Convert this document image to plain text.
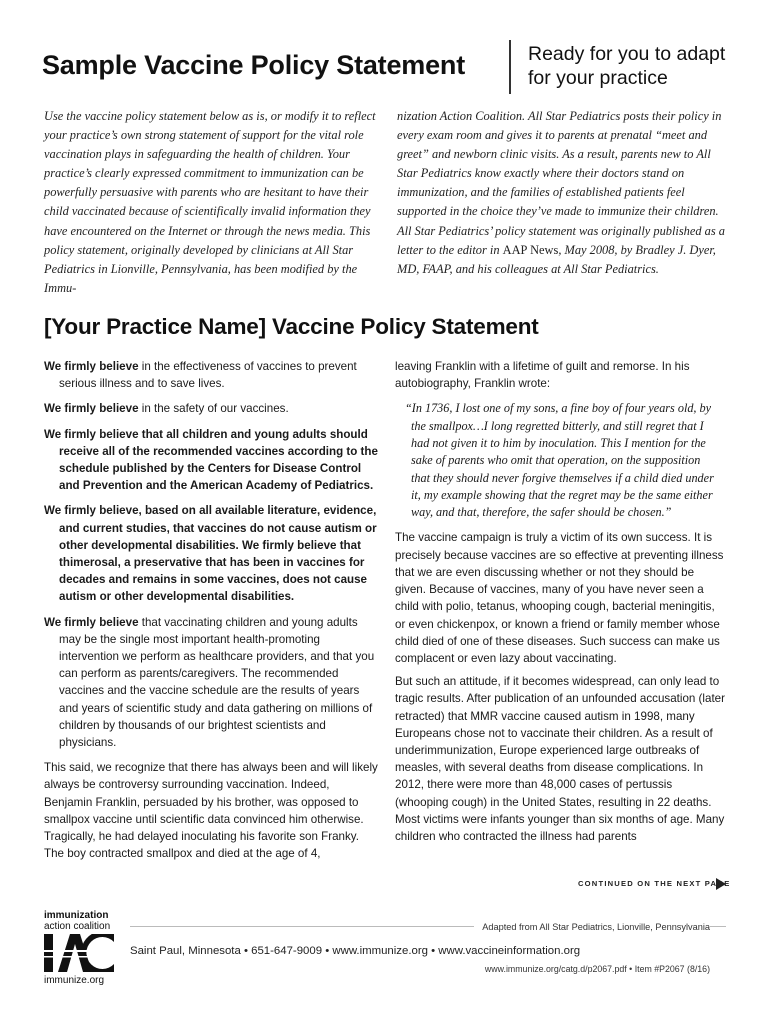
Sample Vaccine Policy Statement	Ready for you to adapt
for your practice

Use the vaccine policy statement below as is, or modify it to reflect your practice’s own strong statement of support for the vital role vaccination plays in safeguarding the health of children. Your practice’s clearly expressed commitment to immunization can be powerfully persuasive with parents who are hesitant to have their child vaccinated because of scientifically invalid information they have encountered on the Internet or through the news media. This policy statement, originally developed by clinicians at All Star Pediatrics in Lionville, Pennsylvania, has been modified by the Immu-

nization Action Coalition. All Star Pediatrics posts their policy in every exam room and gives it to parents at prenatal “meet and greet” and newborn clinic visits. As a result, parents new to All Star Pediatrics know exactly where their doctors stand on immunization, and the families of established patients feel supported in the choice they’ve made to immunize their children. All Star Pediatrics’ policy statement was originally published as a letter to the editor in AAP News, May 2008, by Bradley J. Dyer, MD, FAAP, and his colleagues at All Star Pediatrics.

[Your Practice Name] Vaccine Policy Statement

We firmly believe in the effectiveness of vaccines to prevent serious illness and to save lives.

We firmly believe in the safety of our vaccines.

We firmly believe that all children and young adults should receive all of the recommended vaccines according to the schedule published by the Centers for Disease Control and Prevention and the American Academy of Pediatrics.

We firmly believe, based on all available literature, evidence, and current studies, that vaccines do not cause autism or other developmental disabilities. We firmly believe that thimerosal, a preservative that has been in vaccines for decades and remains in some vaccines, does not cause autism or other developmental disabilities.

We firmly believe that vaccinating children and young adults may be the single most important health-promoting intervention we perform as healthcare providers, and that you can perform as parents/caregivers. The recommended vaccines and the vaccine schedule are the results of years and years of scientific study and data gathering on millions of children by thousands of our brightest scientists and physicians.

This said, we recognize that there has always been and will likely always be controversy surrounding vaccination. Indeed, Benjamin Franklin, persuaded by his brother, was opposed to smallpox vaccine until scientific data convinced him otherwise. Tragically, he had delayed inoculating his favorite son Franky. The boy contracted smallpox and died at the age of 4,

leaving Franklin with a lifetime of guilt and remorse. In his autobiography, Franklin wrote:

“In 1736, I lost one of my sons, a fine boy of four years old, by the smallpox…I long regretted bitterly, and still regret that I had not given it to him by inoculation. This I mention for the sake of parents who omit that operation, on the supposition that they should never forgive themselves if a child died under it, my example showing that the regret may be the same either way, and that, therefore, the safer should be chosen.”

The vaccine campaign is truly a victim of its own success. It is precisely because vaccines are so effective at preventing illness that we are even discussing whether or not they should be given. Because of vaccines, many of you have never seen a child with polio, tetanus, whooping cough, bacterial meningitis, or even chickenpox, or known a friend or family member whose child died of one of these diseases. Such success can make us complacent or even lazy about vaccinating.

But such an attitude, if it becomes widespread, can only lead to tragic results. After publication of an unfounded accusation (later retracted) that MMR vaccine caused autism in 1998, many Europeans chose not to vaccinate their children. As a result of underimmunization, Europe experienced large outbreaks of measles, with several deaths from disease complications. In 2012, there were more than 48,000 cases of pertussis (whooping cough) in the United States, resulting in 22 deaths. Most victims were infants younger than six months of age. Many children who contracted the illness had parents

CONTINUED ON THE NEXT PAGE
Adapted from All Star Pediatrics, Lionville, Pennsylvania
immunization
action coalition
immunize.org
Saint Paul, Minnesota • 651-647-9009 • www.immunize.org • www.vaccineinformation.org
www.immunize.org/catg.d/p2067.pdf • Item #P2067 (8/16)
